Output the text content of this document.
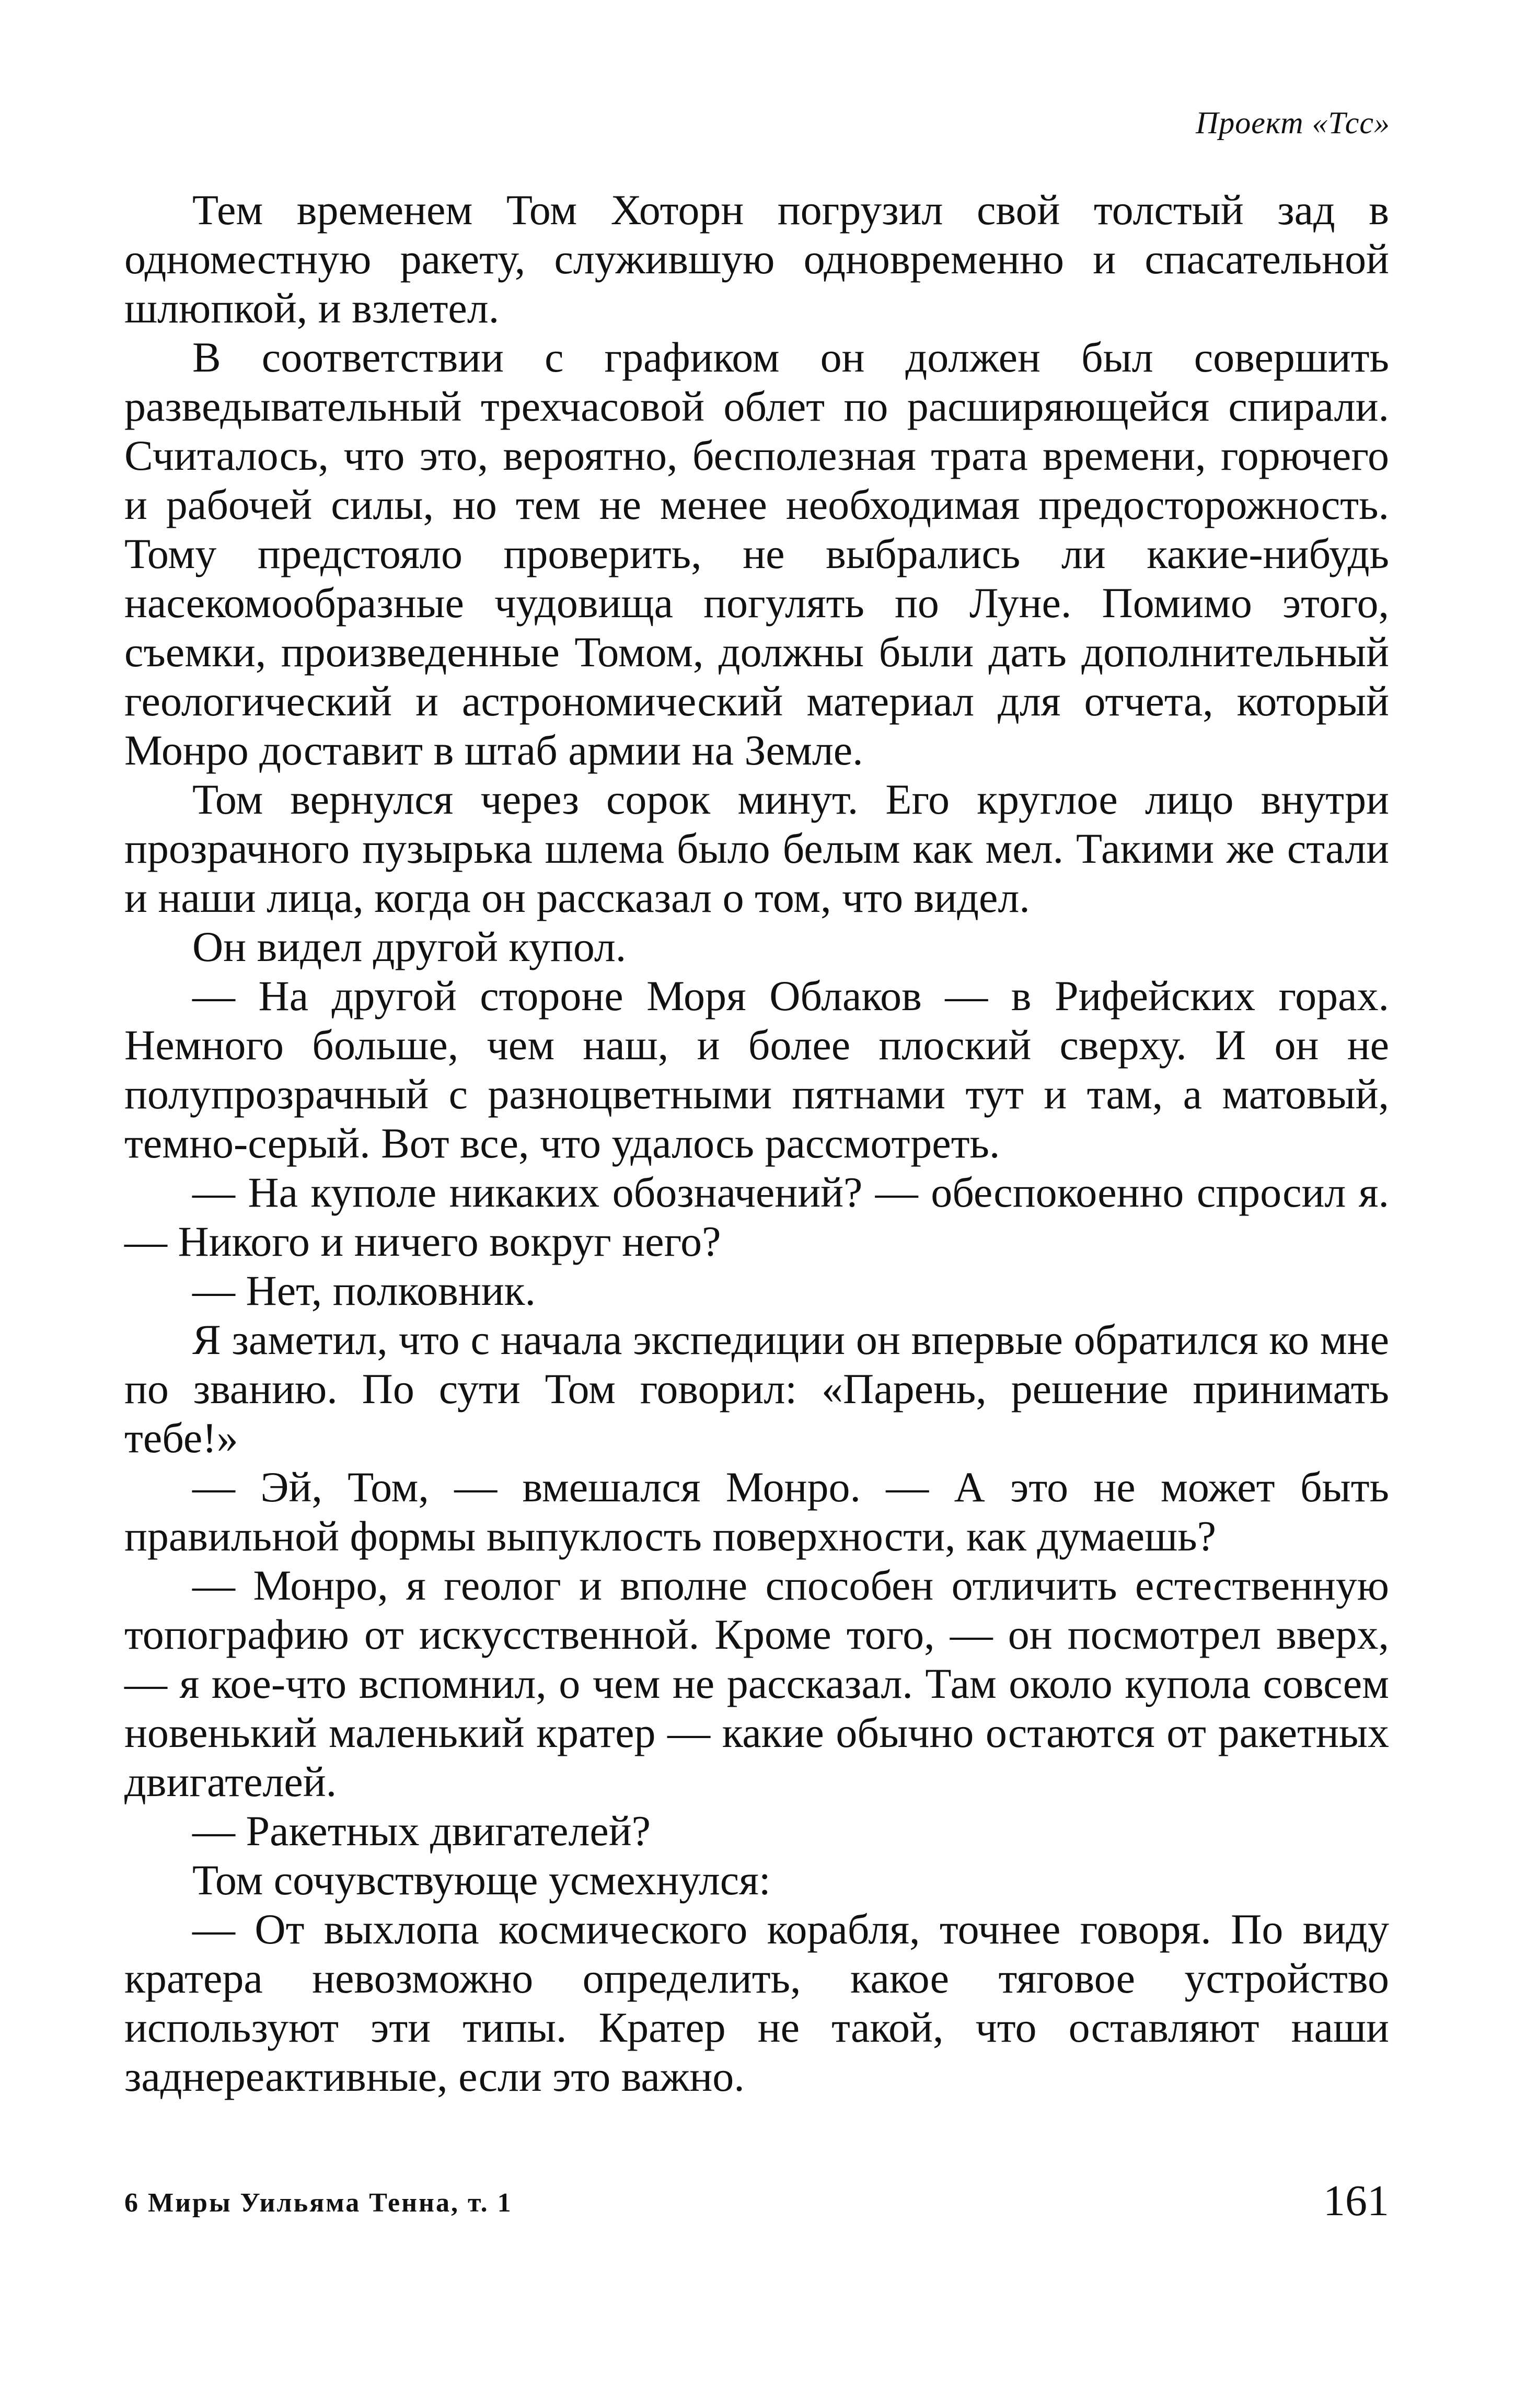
Проект «Тсс»

Тем временем Том Хоторн погрузил свой толстый зад в одноместную ракету, служившую одновременно и спасательной шлюпкой, и взлетел.

В соответствии с графиком он должен был совершить разведывательный трехчасовой облет по расширяющейся спирали. Считалось, что это, вероятно, бесполезная трата времени, горючего и рабочей силы, но тем не менее необходимая предосторожность. Тому предстояло проверить, не выбрались ли какие-нибудь насекомообразные чудовища погулять по Луне. Помимо этого, съемки, произведенные Томом, должны были дать дополнительный геологический и астрономический материал для отчета, который Монро доставит в штаб армии на Земле.

Том вернулся через сорок минут. Его круглое лицо внутри прозрачного пузырька шлема было белым как мел. Такими же стали и наши лица, когда он рассказал о том, что видел.

Он видел другой купол.

— На другой стороне Моря Облаков — в Рифейских горах. Немного больше, чем наш, и более плоский сверху. И он не полупрозрачный с разноцветными пятнами тут и там, а матовый, темно-серый. Вот все, что удалось рассмотреть.

— На куполе никаких обозначений? — обеспокоенно спросил я. — Никого и ничего вокруг него?

— Нет, полковник.

Я заметил, что с начала экспедиции он впервые обратился ко мне по званию. По сути Том говорил: «Парень, решение принимать тебе!»

— Эй, Том, — вмешался Монро. — А это не может быть правильной формы выпуклость поверхности, как думаешь?

— Монро, я геолог и вполне способен отличить естественную топографию от искусственной. Кроме того, — он посмотрел вверх, — я кое-что вспомнил, о чем не рассказал. Там около купола совсем новенький маленький кратер — какие обычно остаются от ракетных двигателей.

— Ракетных двигателей?

Том сочувствующе усмехнулся:

— От выхлопа космического корабля, точнее говоря. По виду кратера невозможно определить, какое тяговое устройство используют эти типы. Кратер не такой, что оставляют наши заднереактивные, если это важно.

6 Миры Уильяма Тенна, т. 1	161
